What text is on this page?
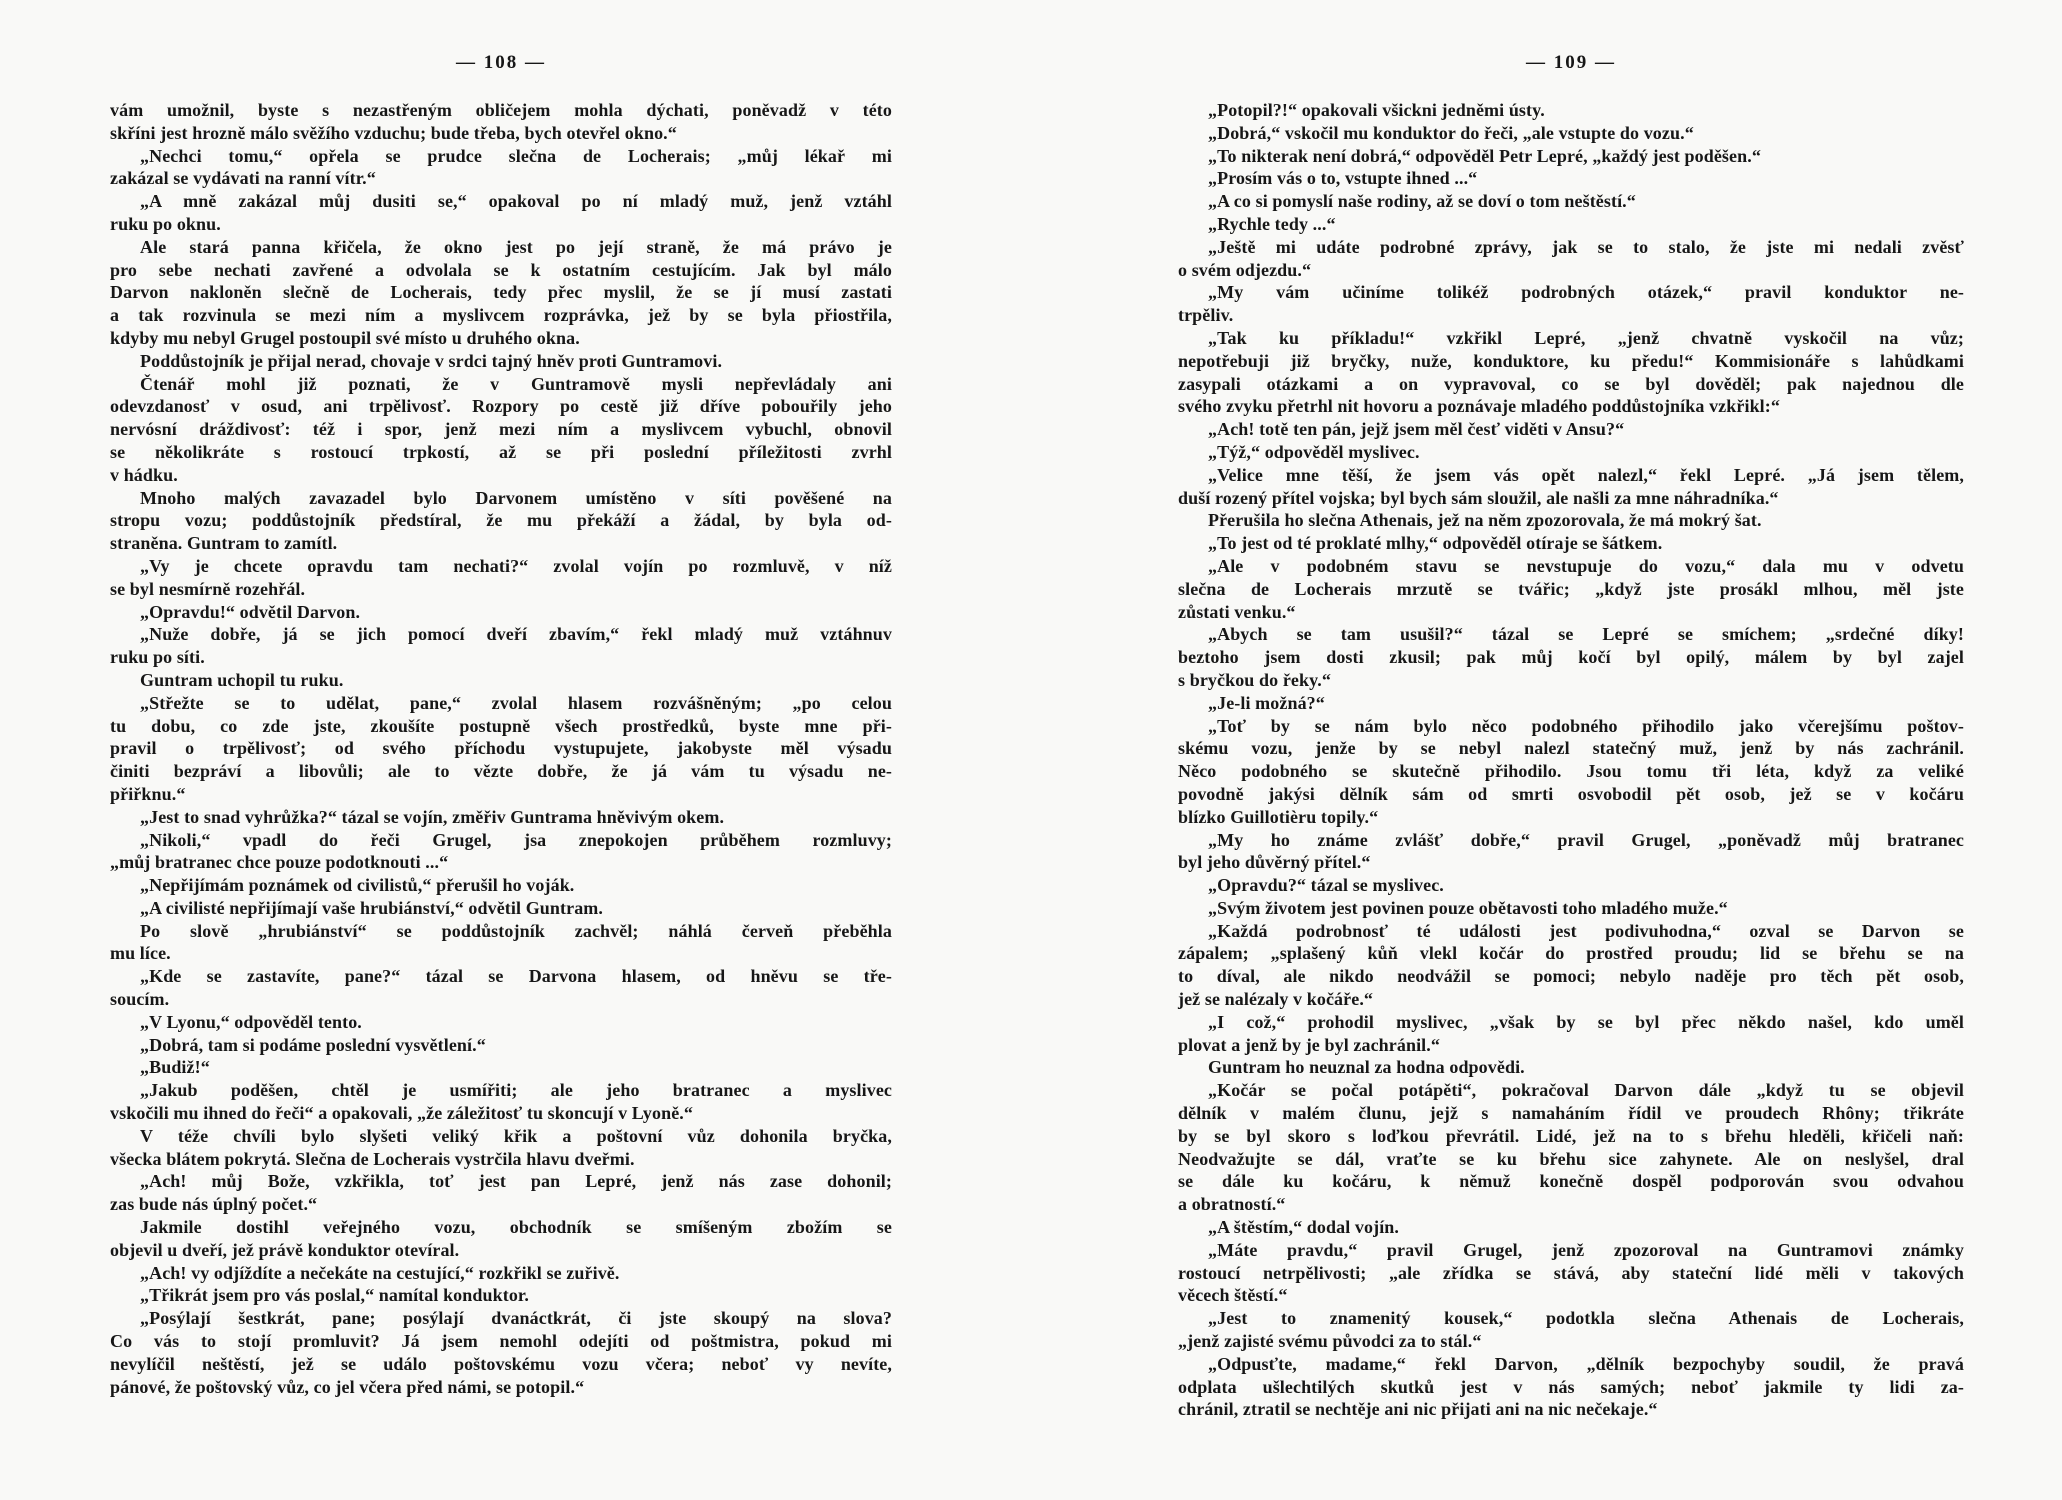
— 108 —
vám umožnil, byste s nezastřeným obličejem mohla dýchati, poněvadž v této
skříni jest hrozně málo svěžího vzduchu; bude třeba, bych otevřel okno.“
„Nechci tomu,“ opřela se prudce slečna de Locherais; „můj lékař mi
zakázal se vydávati na ranní vítr.“
„A mně zakázal můj dusiti se,“ opakoval po ní mladý muž, jenž vztáhl
ruku po oknu.
Ale stará panna křičela, že okno jest po její straně, že má právo je
pro sebe nechati zavřené a odvolala se k ostatním cestujícím. Jak byl málo
Darvon nakloněn slečně de Locherais, tedy přec myslil, že se jí musí zastati
a tak rozvinula se mezi ním a myslivcem rozprávka, jež by se byla přiostřila,
kdyby mu nebyl Grugel postoupil své místo u druhého okna.
Poddůstojník je přijal nerad, chovaje v srdci tajný hněv proti Guntramovi.
Čtenář mohl již poznati, že v Guntramově mysli nepřevládaly ani
odevzdanosť v osud, ani trpělivosť. Rozpory po cestě již dříve pobouřily jeho
nervósní dráždivosť: též i spor, jenž mezi ním a myslivcem vybuchl, obnovil
se několikráte s rostoucí trpkostí, až se při poslední příležitosti zvrhl
v hádku.
Mnoho malých zavazadel bylo Darvonem umístěno v síti pověšené na
stropu vozu; poddůstojník předstíral, že mu překáží a žádal, by byla od-
straněna. Guntram to zamítl.
„Vy je chcete opravdu tam nechati?“ zvolal vojín po rozmluvě, v níž
se byl nesmírně rozehřál.
„Opravdu!“ odvětil Darvon.
„Nuže dobře, já se jich pomocí dveří zbavím,“ řekl mladý muž vztáhnuv
ruku po síti.
Guntram uchopil tu ruku.
„Střežte se to udělat, pane,“ zvolal hlasem rozvášněným; „po celou
tu dobu, co zde jste, zkoušíte postupně všech prostředků, byste mne při-
pravil o trpělivosť; od svého příchodu vystupujete, jakobyste měl výsadu
činiti bezpráví a libovůli; ale to vězte dobře, že já vám tu výsadu ne-
přiřknu.“
„Jest to snad vyhrůžka?“ tázal se vojín, změřiv Guntrama hněvivým okem.
„Nikoli,“ vpadl do řeči Grugel, jsa znepokojen průběhem rozmluvy;
„můj bratranec chce pouze podotknouti ...“
„Nepřijímám poznámek od civilistů,“ přerušil ho voják.
„A civilisté nepřijímají vaše hrubiánství,“ odvětil Guntram.
Po slově „hrubiánství“ se poddůstojník zachvěl; náhlá červeň přeběhla
mu líce.
„Kde se zastavíte, pane?“ tázal se Darvona hlasem, od hněvu se tře-
soucím.
„V Lyonu,“ odpověděl tento.
„Dobrá, tam si podáme poslední vysvětlení.“
„Budiž!“
„Jakub poděšen, chtěl je usmířiti; ale jeho bratranec a myslivec
vskočili mu ihned do řeči“ a opakovali, „že záležitosť tu skoncují v Lyoně.“
V téže chvíli bylo slyšeti veliký křik a poštovní vůz dohonila bryčka,
všecka blátem pokrytá. Slečna de Locherais vystrčila hlavu dveřmi.
„Ach! můj Bože, vzkřikla, toť jest pan Lepré, jenž nás zase dohonil;
zas bude nás úplný počet.“
Jakmile dostihl veřejného vozu, obchodník se smíšeným zbožím se
objevil u dveří, jež právě konduktor otevíral.
„Ach! vy odjíždíte a nečekáte na cestující,“ rozkřikl se zuřivě.
„Třikrát jsem pro vás poslal,“ namítal konduktor.
„Posýlají šestkrát, pane; posýlají dvanáctkrát, či jste skoupý na slova?
Co vás to stojí promluvit? Já jsem nemohl odejíti od poštmistra, pokud mi
nevylíčil neštěstí, jež se událo poštovskému vozu včera; neboť vy nevíte,
pánové, že poštovský vůz, co jel včera před námi, se potopil.“
— 109 —
„Potopil?!“ opakovali všickni jedněmi ústy.
„Dobrá,“ vskočil mu konduktor do řeči, „ale vstupte do vozu.“
„To nikterak není dobrá,“ odpověděl Petr Lepré, „každý jest poděšen.“
„Prosím vás o to, vstupte ihned ...“
„A co si pomyslí naše rodiny, až se doví o tom neštěstí.“
„Rychle tedy ...“
„Ještě mi udáte podrobné zprávy, jak se to stalo, že jste mi nedali zvěsť
o svém odjezdu.“
„My vám učiníme tolikéž podrobných otázek,“ pravil konduktor ne-
trpěliv.
„Tak ku příkladu!“ vzkřikl Lepré, „jenž chvatně vyskočil na vůz;
nepotřebuji již bryčky, nuže, konduktore, ku předu!“ Kommisionáře s lahůdkami
zasypali otázkami a on vypravoval, co se byl dověděl; pak najednou dle
svého zvyku přetrhl nit hovoru a poznávaje mladého poddůstojníka vzkřikl:“
„Ach! totě ten pán, jejž jsem měl česť viděti v Ansu?“
„Týž,“ odpověděl myslivec.
„Velice mne těší, že jsem vás opět nalezl,“ řekl Lepré. „Já jsem tělem,
duší rozený přítel vojska; byl bych sám sloužil, ale našli za mne náhradníka.“
Přerušila ho slečna Athenais, jež na něm zpozorovala, že má mokrý šat.
„To jest od té proklaté mlhy,“ odpověděl otíraje se šátkem.
„Ale v podobném stavu se nevstupuje do vozu,“ dala mu v odvetu
slečna de Locherais mrzutě se tvářic; „když jste prosákl mlhou, měl jste
zůstati venku.“
„Abych se tam usušil?“ tázal se Lepré se smíchem; „srdečné díky!
beztoho jsem dosti zkusil; pak můj kočí byl opilý, málem by byl zajel
s bryčkou do řeky.“
„Je-li možná?“
„Toť by se nám bylo něco podobného přihodilo jako včerejšímu poštov-
skému vozu, jenže by se nebyl nalezl statečný muž, jenž by nás zachránil.
Něco podobného se skutečně přihodilo. Jsou tomu tři léta, když za veliké
povodně jakýsi dělník sám od smrti osvobodil pět osob, jež se v kočáru
blízko Guillotièru topily.“
„My ho známe zvlášť dobře,“ pravil Grugel, „poněvadž můj bratranec
byl jeho důvěrný přítel.“
„Opravdu?“ tázal se myslivec.
„Svým životem jest povinen pouze obětavosti toho mladého muže.“
„Každá podrobnosť té události jest podivuhodna,“ ozval se Darvon se
zápalem; „splašený kůň vlekl kočár do prostřed proudu; lid se břehu se na
to díval, ale nikdo neodvážil se pomoci; nebylo naděje pro těch pět osob,
jež se nalézaly v kočáře.“
„I což,“ prohodil myslivec, „však by se byl přec někdo našel, kdo uměl
plovat a jenž by je byl zachránil.“
Guntram ho neuznal za hodna odpovědi.
„Kočár se počal potápěti“, pokračoval Darvon dále „když tu se objevil
dělník v malém člunu, jejž s namaháním řídil ve proudech Rhôny; třikráte
by se byl skoro s loďkou převrátil. Lidé, jež na to s břehu hleděli, křičeli naň:
Neodvažujte se dál, vraťte se ku břehu sice zahynete. Ale on neslyšel, dral
se dále ku kočáru, k němuž konečně dospěl podporován svou odvahou
a obratností.“
„A štěstím,“ dodal vojín.
„Máte pravdu,“ pravil Grugel, jenž zpozoroval na Guntramovi známky
rostoucí netrpělivosti; „ale zřídka se stává, aby stateční lidé měli v takových
věcech štěstí.“
„Jest to znamenitý kousek,“ podotkla slečna Athenais de Locherais,
„jenž zajisté svému původci za to stál.“
„Odpusťte, madame,“ řekl Darvon, „dělník bezpochyby soudil, že pravá
odplata ušlechtilých skutků jest v nás samých; neboť jakmile ty lidi za-
chránil, ztratil se nechtěje ani nic přijati ani na nic nečekaje.“
